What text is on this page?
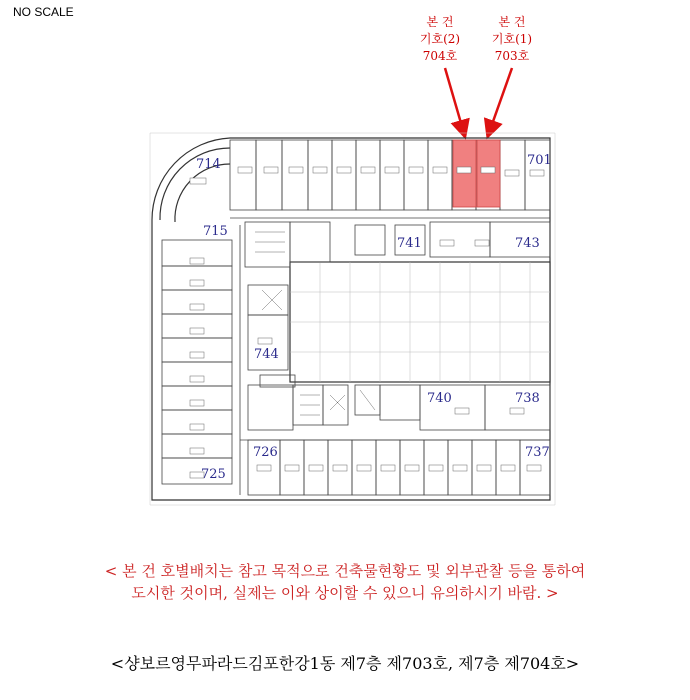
NO SCALE
본 건
기호(2)
704호
본 건
기호(1)
703호
714	701
715
741	743
744
740	738
726	737
725
< 본 건 호별배치는 참고 목적으로 건축물현황도 및 외부관찰 등을 통하여
도시한 것이며, 실제는 이와 상이할 수 있으니 유의하시기 바람. >
<샹보르영무파라드김포한강1동 제7층 제703호, 제7층 제704호>
